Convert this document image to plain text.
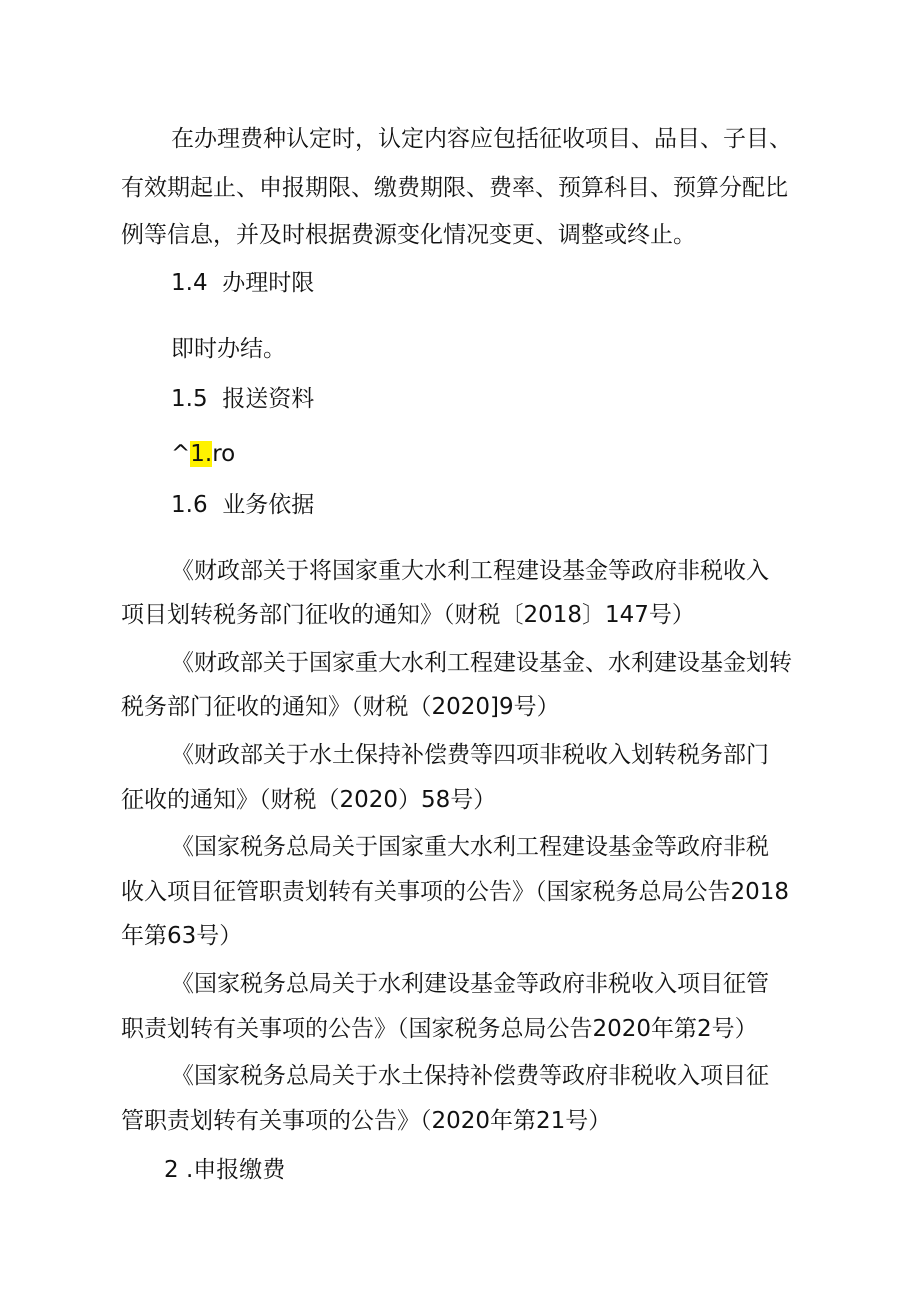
在办理费种认定时，认定内容应包括征收项目、品目、子目、
有效期起止、申报期限、缴费期限、费率、预算科目、预算分配比
例等信息，并及时根据费源变化情况变更、调整或终止。
1.4 办理时限
即时办结。
1.5 报送资料
^1.ro
1.6 业务依据
《财政部关于将国家重大水利工程建设基金等政府非税收入
项目划转税务部门征收的通知》（财税〔2018〕147号）
《财政部关于国家重大水利工程建设基金、水利建设基金划转
税务部门征收的通知》（财税（2020]9号）
《财政部关于水土保持补偿费等四项非税收入划转税务部门
征收的通知》（财税（2020）58号）
《国家税务总局关于国家重大水利工程建设基金等政府非税
收入项目征管职责划转有关事项的公告》（国家税务总局公告2018
年第63号）
《国家税务总局关于水利建设基金等政府非税收入项目征管
职责划转有关事项的公告》（国家税务总局公告2020年第2号）
《国家税务总局关于水土保持补偿费等政府非税收入项目征
管职责划转有关事项的公告》（2020年第21号）
2 .申报缴费
